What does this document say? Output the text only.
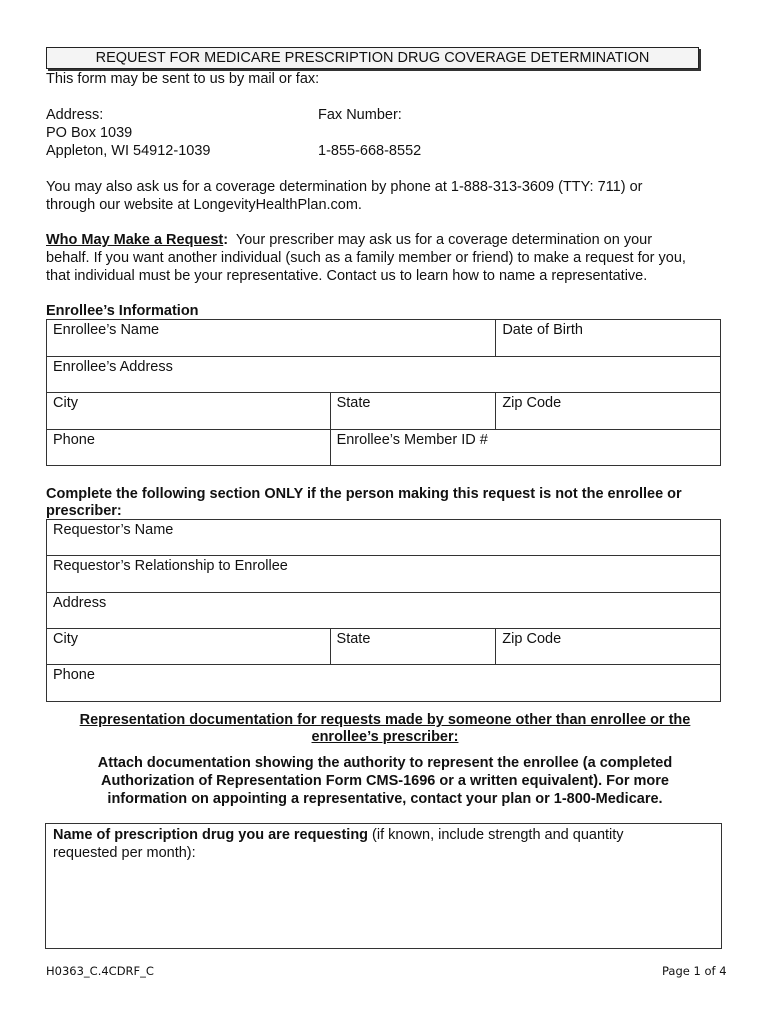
REQUEST FOR MEDICARE PRESCRIPTION DRUG COVERAGE DETERMINATION
This form may be sent to us by mail or fax:
Address:
PO Box 1039
Appleton, WI 54912-1039
Fax Number:
1-855-668-8552
You may also ask us for a coverage determination by phone at 1-888-313-3609 (TTY: 711) or
through our website at LongevityHealthPlan.com.
Who May Make a Request:  Your prescriber may ask us for a coverage determination on your
behalf. If you want another individual (such as a family member or friend) to make a request for you,
that individual must be your representative. Contact us to learn how to name a representative.
Enrollee’s Information
Enrollee’s Name		Date of Birth
Enrollee’s Address		
City	State	Zip Code
Phone	Enrollee’s Member ID #	
Complete the following section ONLY if the person making this request is not the enrollee or
prescriber:
Requestor’s Name
Requestor’s Relationship to Enrollee
Address
City	State	Zip Code
Phone
Representation documentation for requests made by someone other than enrollee or the
enrollee’s prescriber:
Attach documentation showing the authority to represent the enrollee (a completed
Authorization of Representation Form CMS-1696 or a written equivalent). For more
information on appointing a representative, contact your plan or 1-800-Medicare.
Name of prescription drug you are requesting (if known, include strength and quantity
requested per month):
H0363_C.4CDRF_C	Page 1 of 4
